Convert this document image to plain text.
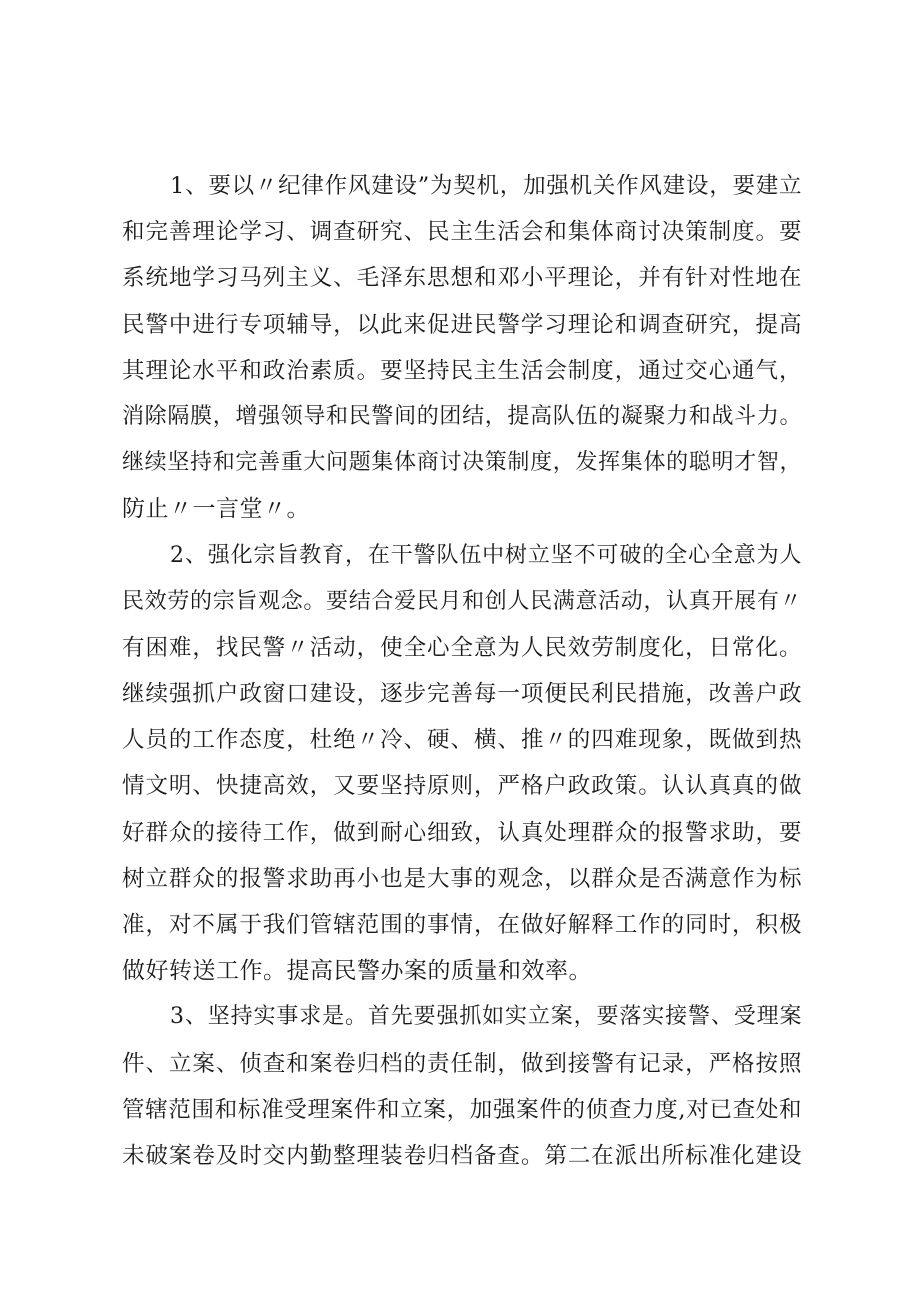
1、要以〃纪律作风建设”为契机，加强机关作风建设，要建立
和完善理论学习、调查研究、民主生活会和集体商讨决策制度。要
系统地学习马列主义、毛泽东思想和邓小平理论，并有针对性地在
民警中进行专项辅导，以此来促进民警学习理论和调查研究，提高
其理论水平和政治素质。要坚持民主生活会制度，通过交心通气，
消除隔膜，增强领导和民警间的团结，提高队伍的凝聚力和战斗力。
继续坚持和完善重大问题集体商讨决策制度，发挥集体的聪明才智，
防止〃一言堂〃。
2、强化宗旨教育，在干警队伍中树立坚不可破的全心全意为人
民效劳的宗旨观念。要结合爱民月和创人民满意活动，认真开展有〃
有困难，找民警〃活动，使全心全意为人民效劳制度化，日常化。
继续强抓户政窗口建设，逐步完善每一项便民利民措施，改善户政
人员的工作态度，杜绝〃冷、硬、横、推〃的四难现象，既做到热
情文明、快捷高效，又要坚持原则，严格户政政策。认认真真的做
好群众的接待工作，做到耐心细致，认真处理群众的报警求助，要
树立群众的报警求助再小也是大事的观念，以群众是否满意作为标
准，对不属于我们管辖范围的事情，在做好解释工作的同时，积极
做好转送工作。提高民警办案的质量和效率。
3、坚持实事求是。首先要强抓如实立案，要落实接警、受理案
件、立案、侦查和案卷归档的责任制，做到接警有记录，严格按照
管辖范围和标准受理案件和立案，加强案件的侦查力度,对已查处和
未破案卷及时交内勤整理装卷归档备查。第二在派出所标准化建设
